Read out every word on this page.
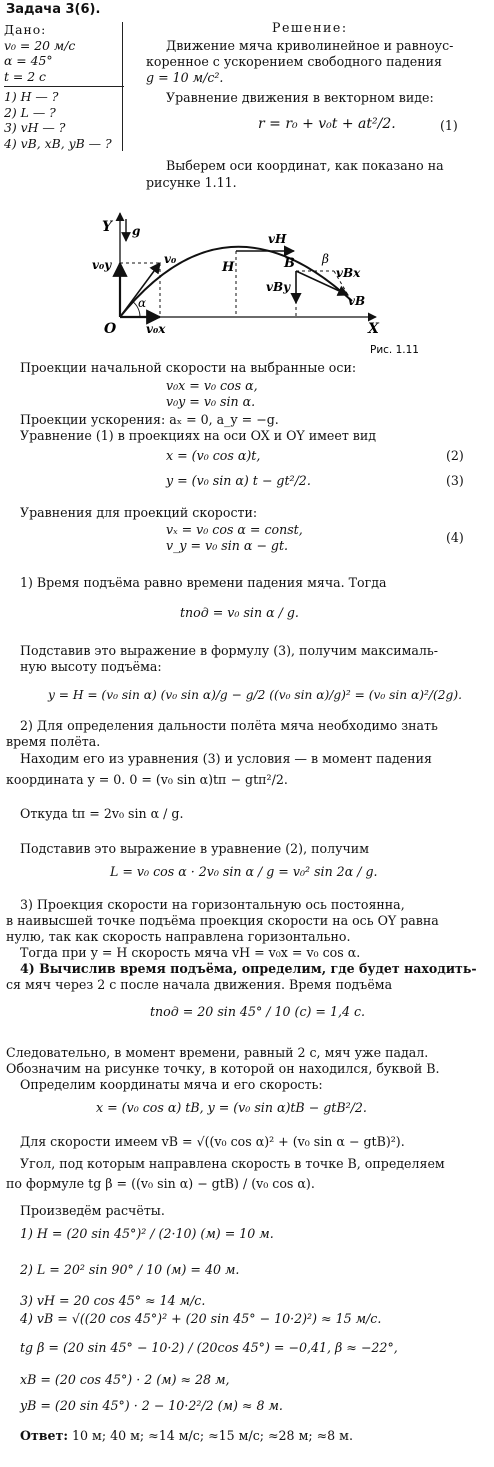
Задача 3(6).
Дано:
v₀ = 20 м/с
α = 45°
t = 2 с
1) H — ?
2) L — ?
3) vH — ?
4) vB, xB, yB — ?
Решение:
Движение мяча криволинейное и равноус-
коренное с ускорением свободного падения
g = 10 м/с².
Уравнение движения в векторном виде:
r = r₀ + v₀t + at²/2.	(1)
Выберем оси координат, как показано на
рисунке 1.11.
Y
X
O
g
v₀
v₀y
v₀x
α
H
vH
B β
vBx
vBy
vB
Рис. 1.11
Проекции начальной скорости на выбранные оси:
v₀x = v₀ cos α,
v₀y = v₀ sin α.
Проекции ускорения: aₓ = 0, a_y = −g.
Уравнение (1) в проекциях на оси OX и OY имеет вид
x = (v₀ cos α)t,	(2)
y = (v₀ sin α) t − gt²/2.	(3)
Уравнения для проекций скорости:
vₓ = v₀ cos α = const,
v_y = v₀ sin α − gt.
(4)
1) Время подъёма равно времени падения мяча. Тогда
tпод = v₀ sin α / g.
Подставив это выражение в формулу (3), получим максималь-
ную высоту подъёма:
y = H = (v₀ sin α) (v₀ sin α)/g − g/2 ((v₀ sin α)/g)² = (v₀ sin α)²/(2g).
2) Для определения дальности полёта мяча необходимо знать
время полёта.
Находим его из уравнения (3) и условия — в момент падения
координата y = 0. 0 = (v₀ sin α)tп − gtп²/2.
Откуда tп = 2v₀ sin α / g.
Подставив это выражение в уравнение (2), получим
L = v₀ cos α · 2v₀ sin α / g = v₀² sin 2α / g.
3) Проекция скорости на горизонтальную ось постоянна,
в наивысшей точке подъёма проекция скорости на ось OY равна
нулю, так как скорость направлена горизонтально.
Тогда при y = H скорость мяча vH = v₀x = v₀ cos α.
4) Вычислив время подъёма, определим, где будет находить-
ся мяч через 2 с после начала движения. Время подъёма
tпод = 20 sin 45° / 10 (с) = 1,4 с.
Следовательно, в момент времени, равный 2 с, мяч уже падал.
Обозначим на рисунке точку, в которой он находился, буквой B.
Определим координаты мяча и его скорость:
x = (v₀ cos α) tB, y = (v₀ sin α)tB − gtB²/2.
Для скорости имеем vB = √((v₀ cos α)² + (v₀ sin α − gtB)²).
Угол, под которым направлена скорость в точке B, определяем
по формуле tg β = ((v₀ sin α) − gtB) / (v₀ cos α).
Произведём расчёты.
1) H = (20 sin 45°)² / (2·10) (м) = 10 м.
2) L = 20² sin 90° / 10 (м) = 40 м.
3) vH = 20 cos 45° ≈ 14 м/с.
4) vB = √((20 cos 45°)² + (20 sin 45° − 10·2)²) ≈ 15 м/с.
tg β = (20 sin 45° − 10·2) / (20cos 45°) = −0,41, β ≈ −22°,
xB = (20 cos 45°) · 2 (м) ≈ 28 м,
yB = (20 sin 45°) · 2 − 10·2²/2 (м) ≈ 8 м.
Ответ: 10 м; 40 м; ≈14 м/с; ≈15 м/с; ≈28 м; ≈8 м.
